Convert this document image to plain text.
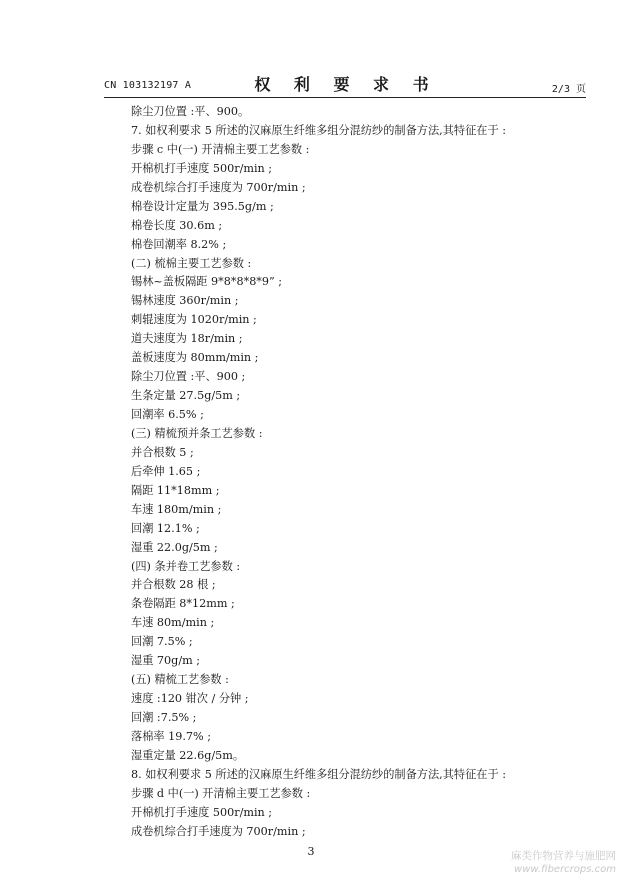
CN 103132197 A	权 利 要 求 书	2/3 页
除尘刀位置 :平、900。
7. 如权利要求 5 所述的汉麻原生纤维多组分混纺纱的制备方法,其特征在于 :
步骤 c 中(一) 开清棉主要工艺参数 :
开棉机打手速度 500r/min ;
成卷机综合打手速度为 700r/min ;
棉卷设计定量为 395.5g/m ;
棉卷长度 30.6m ;
棉卷回潮率 8.2% ;
(二) 梳棉主要工艺参数 :
锡林~盖板隔距 9*8*8*8*9” ;
锡林速度 360r/min ;
刺辊速度为 1020r/min ;
道夫速度为 18r/min ;
盖板速度为 80mm/min ;
除尘刀位置 :平、900 ;
生条定量 27.5g/5m ;
回潮率 6.5% ;
(三) 精梳预并条工艺参数 :
并合根数 5 ;
后牵伸 1.65 ;
隔距 11*18mm ;
车速 180m/min ;
回潮 12.1% ;
湿重 22.0g/5m ;
(四) 条并卷工艺参数 :
并合根数 28 根 ;
条卷隔距 8*12mm ;
车速 80m/min ;
回潮 7.5% ;
湿重 70g/m ;
(五) 精梳工艺参数 :
速度 :120 钳次 / 分钟 ;
回潮 :7.5% ;
落棉率 19.7% ;
湿重定量 22.6g/5m。
8. 如权利要求 5 所述的汉麻原生纤维多组分混纺纱的制备方法,其特征在于 :
步骤 d 中(一) 开清棉主要工艺参数 :
开棉机打手速度 500r/min ;
成卷机综合打手速度为 700r/min ;
3	麻类作物营养与施肥网
www.fibercrops.com
